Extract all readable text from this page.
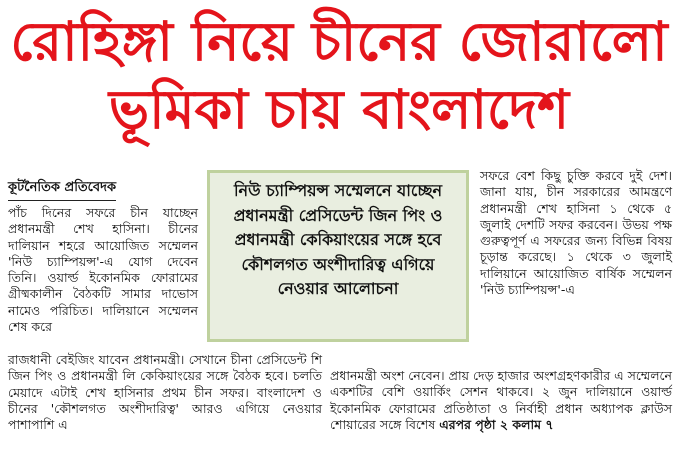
রোহিঙ্গা নিয়ে চীনের জোরালো
ভূমিকা চায় বাংলাদেশ
কূটনৈতিক প্রতিবেদক

পাঁচ দিনের সফরে চীন যাচ্ছেন প্রধানমন্ত্রী শেখ হাসিনা। চীনের দালিয়ান শহরে আয়োজিত সম্মেলন 'নিউ চ্যাম্পিয়ন্স'-এ যোগ দেবেন তিনি। ওয়ার্ল্ড ইকোনমিক ফোরামের গ্রীষ্মকালীন বৈঠকটি সামার দাভোস নামেও পরিচিত। দালিয়ানে সম্মেলন শেষ করে

নিউ চ্যাম্পিয়ন্স সম্মেলনে যাচ্ছেন প্রধানমন্ত্রী প্রেসিডেন্ট জিন পিং ও প্রধানমন্ত্রী কেকিয়াংয়ের সঙ্গে হবে কৌশলগত অংশীদারিত্ব এগিয়ে নেওয়ার আলোচনা

সফরে বেশ কিছু চুক্তি করবে দুই দেশ। জানা যায়, চীন সরকারের আমন্ত্রণে প্রধানমন্ত্রী শেখ হাসিনা ১ থেকে ৫ জুলাই দেশটি সফর করবেন। উভয় পক্ষ গুরুত্বপূর্ণ এ সফরের জন্য বিভিন্ন বিষয় চূড়ান্ত করেছে। ১ থেকে ৩ জুলাই দালিয়ানে আয়োজিত বার্ষিক সম্মেলন 'নিউ চ্যাম্পিয়ন্স'-এ

রাজধানী বেইজিং যাবেন প্রধানমন্ত্রী। সেখানে চীনা প্রেসিডেন্ট শি জিন পিং ও প্রধানমন্ত্রী লি কেকিয়াংয়ের সঙ্গে বৈঠক হবে। চলতি মেয়াদে এটাই শেখ হাসিনার প্রথম চীন সফর। বাংলাদেশ ও চীনের 'কৌশলগত অংশীদারিত্ব' আরও এগিয়ে নেওয়ার পাশাপাশি এ

প্রধানমন্ত্রী অংশ নেবেন। প্রায় দেড় হাজার অংশগ্রহণকারীর এ সম্মেলনে একশটির বেশি ওয়ার্কিং সেশন থাকবে। ২ জুন দালিয়ানে ওয়ার্ল্ড ইকোনমিক ফোরামের প্রতিষ্ঠাতা ও নির্বাহী প্রধান অধ্যাপক ক্লাউস শোয়ারের সঙ্গে বিশেষ এরপর পৃষ্ঠা ২ কলাম ৭
